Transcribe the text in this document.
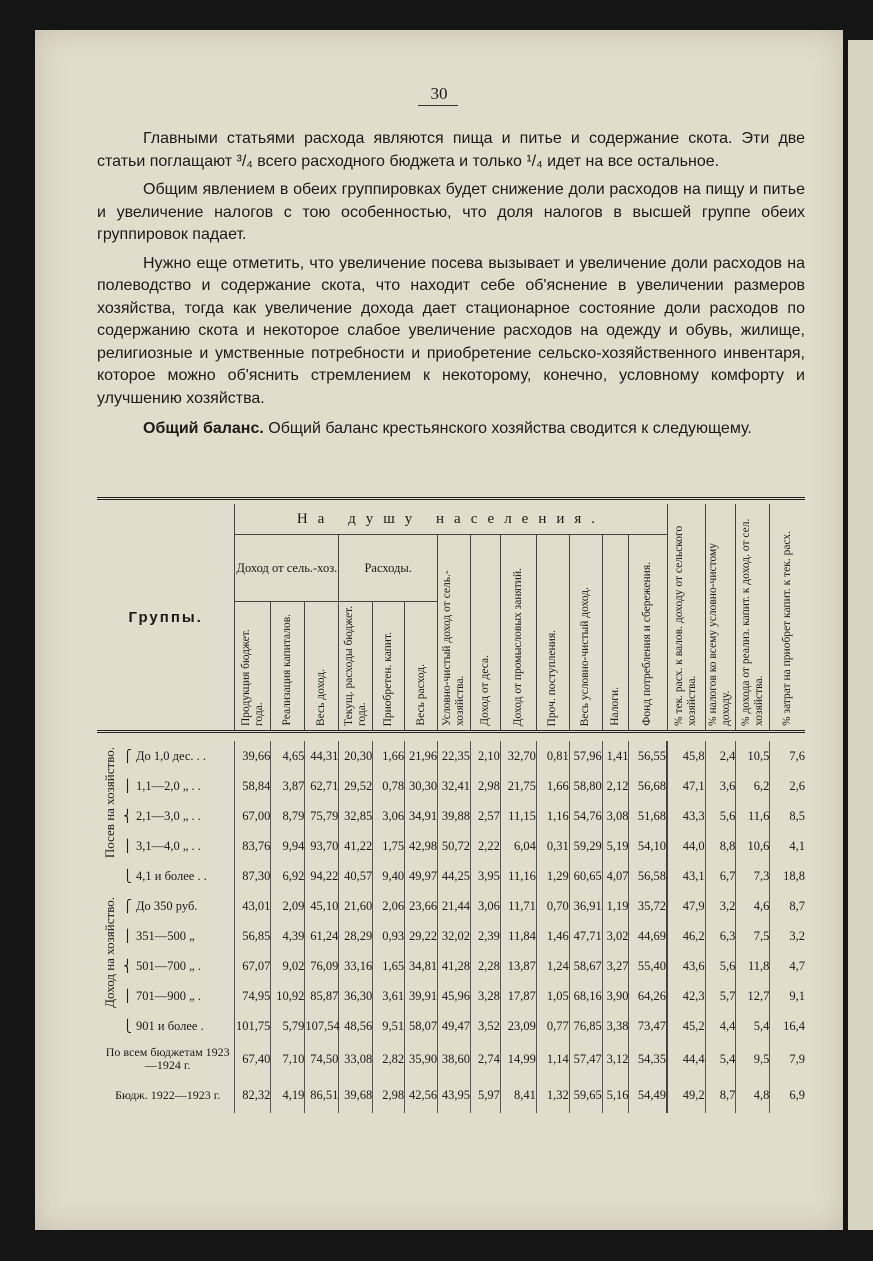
30

Главными статьями расхода являются пища и питье и содержание скота. Эти две статьи поглащают ³/₄ всего расходного бюджета и только ¹/₄ идет на все остальное.

Общим явлением в обеих группировках будет снижение доли расходов на пищу и питье и увеличение налогов с тою особенностью, что доля налогов в высшей группе обеих группировок падает.

Нужно еще отметить, что увеличение посева вызывает и увеличение доли расходов на полеводство и содержание скота, что находит себе об'яснение в увеличении размеров хозяйства, тогда как увеличение дохода дает стационарное состояние доли расходов по содержанию скота и некоторое слабое увеличение расходов на одежду и обувь, жилище, религиозные и умственные потребности и приобретение сельско-хозяйственного инвентаря, которое можно об'яснить стремлением к некоторому, конечно, условному комфорту и улучшению хозяйства.

Общий баланс. Общий баланс крестьянского хозяйства сводится к следующему.

Группы.	На душу населения.													% тек. расх. к валов. доходу от сельского хозяйства.	% налогов ко всему условно-чистому доходу.	% дохода от реализ. капит. к доход. от сел. хозяйства.	% затрат на приобрет капит. к тек. расх.

	Доход от сель.-хоз.			Расходы.			Условно-чистый доход от сель.-хозяйства.	Доход от деса.	Доход от промысловых занятий.	Проч. поступления.	Весь условно-чистый доход.	Налоги.	Фонд потребления и сбережения.				

	Продукция бюджет. года.	Реализация капиталов.	Весь доход.	Текущ. расходы бюджет. года.	Приобретен. капит.	Весь расход.											

Посев на хозяйство. ⎧ До 1,0 дес. . .	39,66	4,65	44,31	20,30	1,66	21,96	22,35	2,10	32,70	0,81	57,96	1,41	56,55	45,8	2,4	10,5	7,6

⎪ 1,1—2,0 „ . .	58,84	3,87	62,71	29,52	0,78	30,30	32,41	2,98	21,75	1,66	58,80	2,12	56,68	47,1	3,6	6,2	2,6

⎨ 2,1—3,0 „ . .	67,00	8,79	75,79	32,85	3,06	34,91	39,88	2,57	11,15	1,16	54,76	3,08	51,68	43,3	5,6	11,6	8,5

⎪ 3,1—4,0 „ . .	83,76	9,94	93,70	41,22	1,75	42,98	50,72	2,22	6,04	0,31	59,29	5,19	54,10	44,0	8,8	10,6	4,1

⎩ 4,1 и более . .	87,30	6,92	94,22	40,57	9,40	49,97	44,25	3,95	11,16	1,29	60,65	4,07	56,58	43,1	6,7	7,3	18,8

Доход на хозяйство. ⎧ До 350 руб.	43,01	2,09	45,10	21,60	2,06	23,66	21,44	3,06	11,71	0,70	36,91	1,19	35,72	47,9	3,2	4,6	8,7

⎪ 351—500 „	56,85	4,39	61,24	28,29	0,93	29,22	32,02	2,39	11,84	1,46	47,71	3,02	44,69	46,2	6,3	7,5	3,2

⎨ 501—700 „ .	67,07	9,02	76,09	33,16	1,65	34,81	41,28	2,28	13,87	1,24	58,67	3,27	55,40	43,6	5,6	11,8	4,7

⎪ 701—900 „ .	74,95	10,92	85,87	36,30	3,61	39,91	45,96	3,28	17,87	1,05	68,16	3,90	64,26	42,3	5,7	12,7	9,1

⎩ 901 и более .	101,75	5,79	107,54	48,56	9,51	58,07	49,47	3,52	23,09	0,77	76,85	3,38	73,47	45,2	4,4	5,4	16,4
По всем бюджетам 1923—1924 г.	67,40	7,10	74,50	33,08	2,82	35,90	38,60	2,74	14,99	1,14	57,47	3,12	54,35	44,4	5,4	9,5	7,9
Бюдж. 1922—1923 г.	82,32	4,19	86,51	39,68	2,98	42,56	43,95	5,97	8,41	1,32	59,65	5,16	54,49	49,2	8,7	4,8	6,9
